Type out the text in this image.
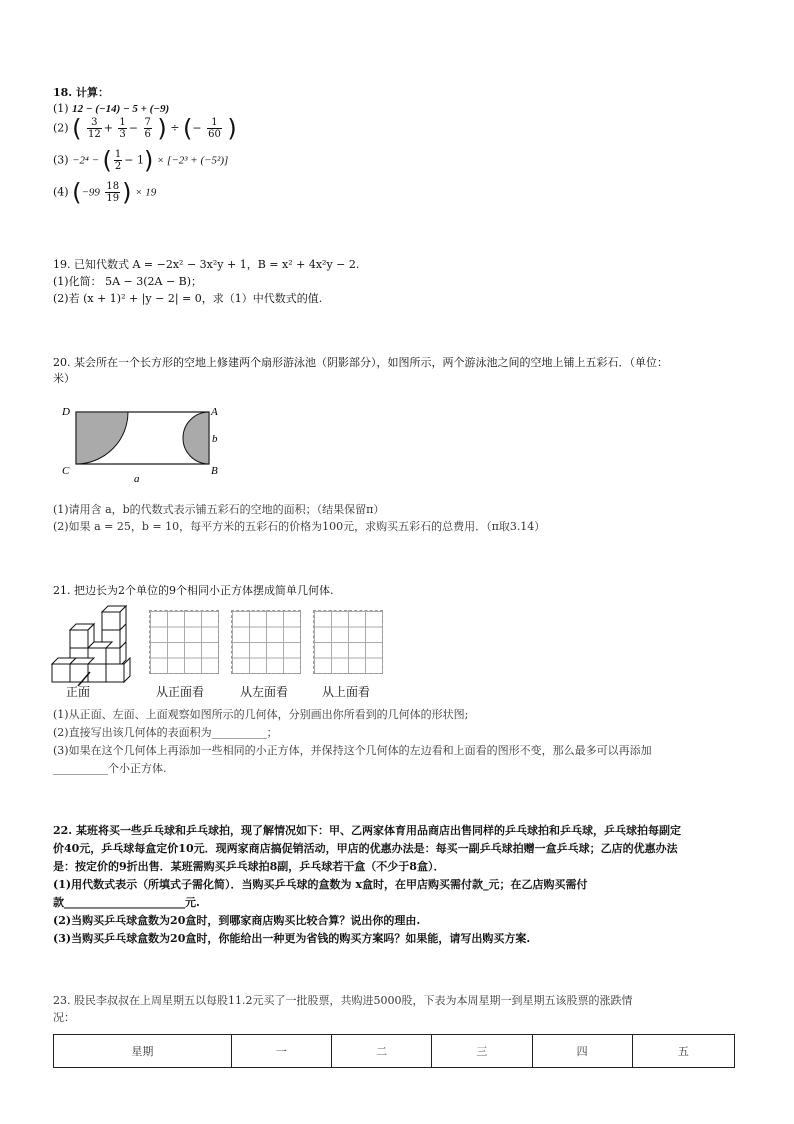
18. 计算：
(1) 12 − (−14) − 5 + (−9)
(2) ( $\frac{3}{12} + \frac{1}{3} - \frac{7}{6}$ ) ÷ (− $\frac{1}{60}$ )
(3) −2⁴ − ( $\frac{1}{2} - 1) \times [-2^3 + (-5^2)]$
(4) ($-99 \frac{18}{19}$ ) × 19
19. 已知代数式 A = −2x² − 3x²y + 1，B = x² + 4x²y − 2.
(1)化简： 5A − 3(2A − B)；
(2)若 (x + 1)² + |y − 2| = 0，求（1）中代数式的值.
20. 某会所在一个长方形的空地上修建两个扇形游泳池（阴影部分），如图所示，两个游泳池之间的空地上铺上五彩石．（单位：
米）
D	A
C	B
a
b
(1)请用含 a，b的代数式表示铺五彩石的空地的面积；（结果保留π）
(2)如果 a = 25，b = 10，每平方米的五彩石的价格为100元，求购买五彩石的总费用．（π取3.14）
21. 把边长为2个单位的9个相同小正方体摆成简单几何体.
正面	从正面看	从左面看	从上面看
(1)从正面、左面、上面观察如图所示的几何体，分别画出你所看到的几何体的形状图;
(2)直接写出该几何体的表面积为__________；
(3)如果在这个几何体上再添加一些相同的小正方体，并保持这个几何体的左边看和上面看的图形不变，那么最多可以再添加
__________个小正方体.
22. 某班将买一些乒乓球和乒乓球拍，现了解情况如下：甲、乙两家体育用品商店出售同样的乒乓球拍和乒乓球，乒乓球拍每副定
价40元，乒乓球每盒定价10元．现两家商店搞促销活动，甲店的优惠办法是：每买一副乒乓球拍赠一盒乒乓球；乙店的优惠办法
是：按定价的9折出售．某班需购买乒乓球拍8副，乒乓球若干盒（不少于8盒）．
(1)用代数式表示（所填式子需化简）．当购买乒乓球的盒数为 x盒时，在甲店购买需付款_元；在乙店购买需付
款______________________元.
(2)当购买乒乓球盒数为20盒时，到哪家商店购买比较合算？说出你的理由.
(3)当购买乒乓球盒数为20盒时，你能给出一种更为省钱的购买方案吗？如果能，请写出购买方案.
23. 股民李叔叔在上周星期五以每股11.2元买了一批股票，共购进5000股，下表为本周星期一到星期五该股票的涨跌情
况：
星期	一	二	三	四	五
